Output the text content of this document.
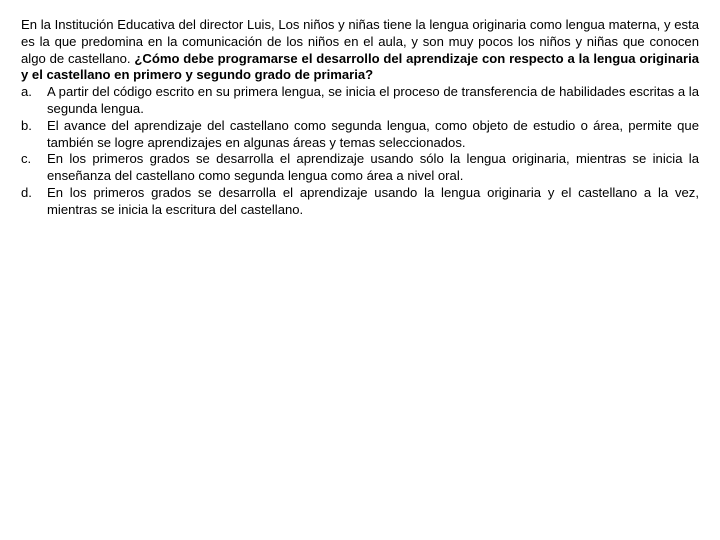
En la Institución Educativa del director Luis, Los niños y niñas tiene la lengua originaria como lengua materna, y esta es la que predomina en la comunicación de los niños en el aula, y son muy pocos los niños y niñas que conocen algo de castellano. ¿Cómo debe programarse el desarrollo del aprendizaje con respecto a la lengua originaria y el castellano en primero y segundo grado de primaria?

a.	A partir del código escrito en su primera lengua, se inicia el proceso de transferencia de habilidades escritas a la segunda lengua.
b.	El avance del aprendizaje del castellano como segunda lengua, como objeto de estudio o área, permite que también se logre aprendizajes en algunas áreas y temas seleccionados.
c.	En los primeros grados se desarrolla el aprendizaje usando sólo la lengua originaria, mientras se inicia la enseñanza del castellano como segunda lengua como área a nivel oral.
d.	En los primeros grados se desarrolla el aprendizaje usando la lengua originaria y el castellano a la vez, mientras se inicia la escritura del castellano.
